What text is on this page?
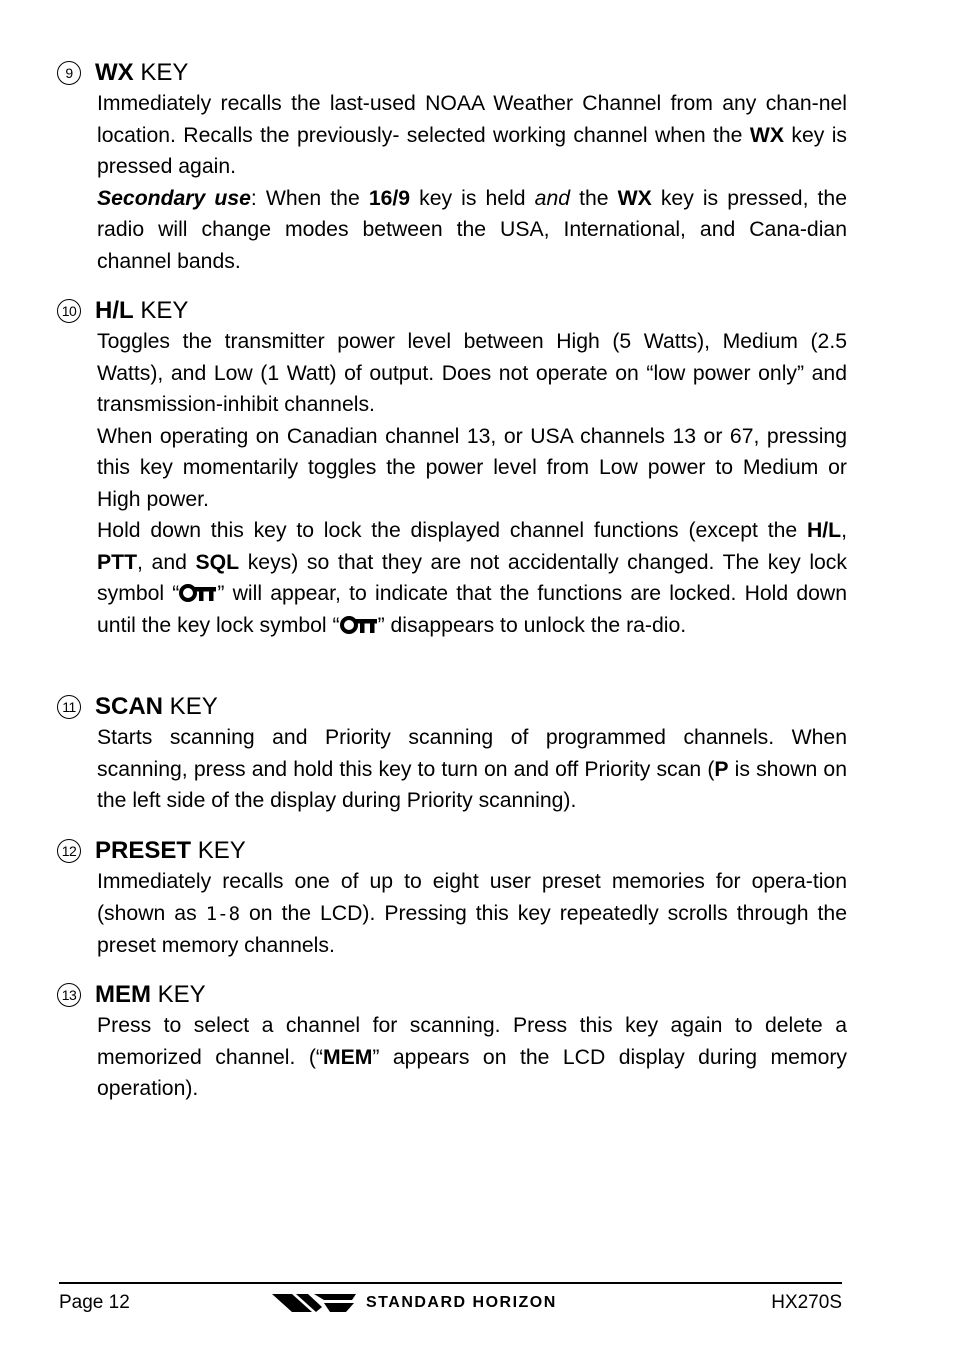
9 WX KEY

Immediately recalls the last-used NOAA Weather Channel from any chan-nel location. Recalls the previously- selected working channel when the WX key is pressed again.

Secondary use: When the 16/9 key is held and the WX key is pressed, the radio will change modes between the USA, International, and Cana-dian channel bands.

10 H/L KEY

Toggles the transmitter power level between High (5 Watts), Medium (2.5 Watts), and Low (1 Watt) of output. Does not operate on “low power only” and transmission-inhibit channels.

When operating on Canadian channel 13, or USA channels 13 or 67, pressing this key momentarily toggles the power level from Low power to Medium or High power.

Hold down this key to lock the displayed channel functions (except the H/L, PTT, and SQL keys) so that they are not accidentally changed. The key lock symbol “ ” will appear, to indicate that the functions are locked. Hold down until the key lock symbol “ ” disappears to unlock the ra-dio.

11 SCAN KEY

Starts scanning and Priority scanning of programmed channels. When scanning, press and hold this key to turn on and off Priority scan (P is shown on the left side of the display during Priority scanning).

12 PRESET KEY

Immediately recalls one of up to eight user preset memories for opera-tion (shown as 1-8 on the LCD). Pressing this key repeatedly scrolls through the preset memory channels.

13 MEM KEY

Press to select a channel for scanning. Press this key again to delete a memorized channel. (“MEM” appears on the LCD display during memory operation).

Page 12	STANDARD HORIZON	HX270S
